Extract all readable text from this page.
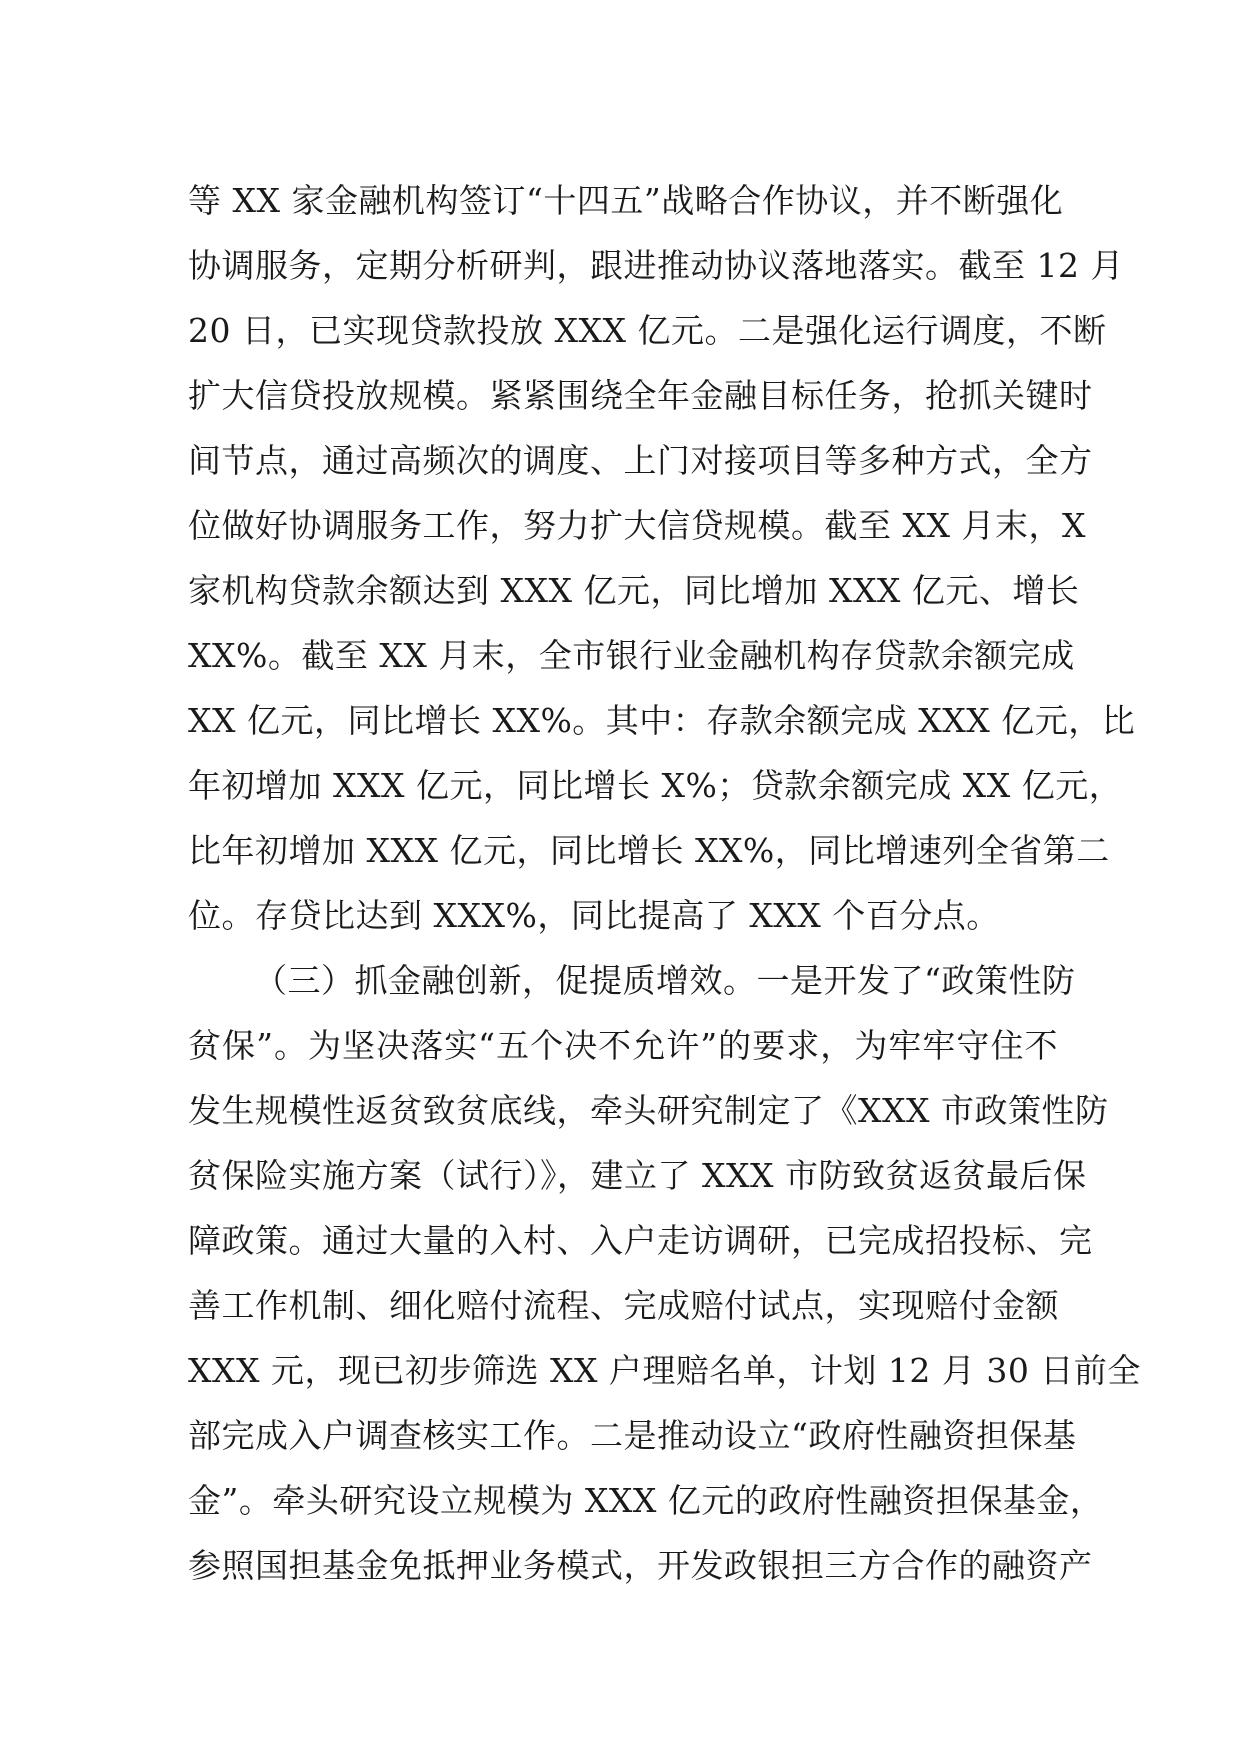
等 XX 家金融机构签订“十四五”战略合作协议，并不断强化
协调服务，定期分析研判，跟进推动协议落地落实。截至 12 月
20 日，已实现贷款投放 XXX 亿元。二是强化运行调度，不断
扩大信贷投放规模。紧紧围绕全年金融目标任务，抢抓关键时
间节点，通过高频次的调度、上门对接项目等多种方式，全方
位做好协调服务工作，努力扩大信贷规模。截至 XX 月末，X
家机构贷款余额达到 XXX 亿元，同比增加 XXX 亿元、增长
XX%。截至 XX 月末，全市银行业金融机构存贷款余额完成
XX 亿元，同比增长 XX%。其中：存款余额完成 XXX 亿元，比
年初增加 XXX 亿元，同比增长 X%；贷款余额完成 XX 亿元，
比年初增加 XXX 亿元，同比增长 XX%，同比增速列全省第二
位。存贷比达到 XXX%，同比提高了 XXX 个百分点。
（三）抓金融创新，促提质增效。一是开发了“政策性防
贫保”。为坚决落实“五个决不允许”的要求，为牢牢守住不
发生规模性返贫致贫底线，牵头研究制定了《XXX 市政策性防
贫保险实施方案（试行）》，建立了 XXX 市防致贫返贫最后保
障政策。通过大量的入村、入户走访调研，已完成招投标、完
善工作机制、细化赔付流程、完成赔付试点，实现赔付金额
XXX 元，现已初步筛选 XX 户理赔名单，计划 12 月 30 日前全
部完成入户调查核实工作。二是推动设立“政府性融资担保基
金”。牵头研究设立规模为 XXX 亿元的政府性融资担保基金，
参照国担基金免抵押业务模式，开发政银担三方合作的融资产
